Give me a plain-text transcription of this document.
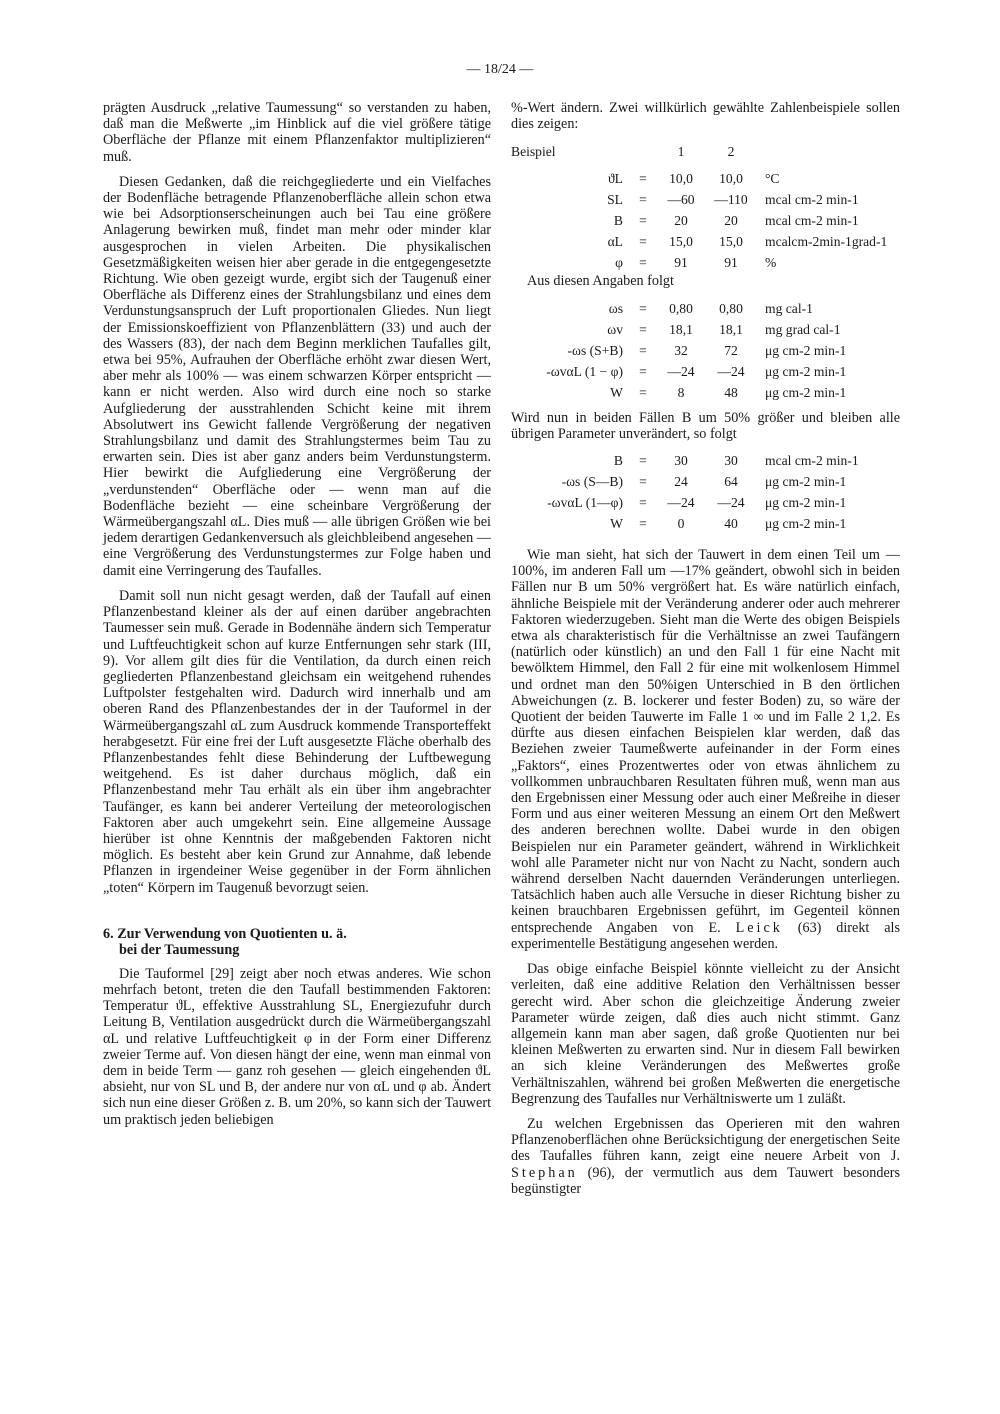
— 18/24 —

prägten Ausdruck „relative Taumessung“ so verstanden zu haben, daß man die Meßwerte „im Hinblick auf die viel größere tätige Oberfläche der Pflanze mit einem Pflanzenfaktor multiplizieren“ muß.

Diesen Gedanken, daß die reichgegliederte und ein Vielfaches der Bodenfläche betragende Pflanzenoberfläche allein schon etwa wie bei Adsorptionserscheinungen auch bei Tau eine größere Anlagerung bewirken muß, findet man mehr oder minder klar ausgesprochen in vielen Arbeiten. Die physikalischen Gesetzmäßigkeiten weisen hier aber gerade in die entgegengesetzte Richtung. Wie oben gezeigt wurde, ergibt sich der Taugenuß einer Oberfläche als Differenz eines der Strahlungsbilanz und eines dem Verdunstungsanspruch der Luft proportionalen Gliedes. Nun liegt der Emissionskoeffizient von Pflanzenblättern (33) und auch der des Wassers (83), der nach dem Beginn merklichen Taufalles gilt, etwa bei 95%, Aufrauhen der Oberfläche erhöht zwar diesen Wert, aber mehr als 100% — was einem schwarzen Körper entspricht — kann er nicht werden. Also wird durch eine noch so starke Aufgliederung der ausstrahlenden Schicht keine mit ihrem Absolutwert ins Gewicht fallende Vergrößerung der negativen Strahlungsbilanz und damit des Strahlungstermes beim Tau zu erwarten sein. Dies ist aber ganz anders beim Verdunstungsterm. Hier bewirkt die Aufgliederung eine Vergrößerung der „verdunstenden“ Oberfläche oder — wenn man auf die Bodenfläche bezieht — eine scheinbare Vergrößerung der Wärmeübergangszahl αL. Dies muß — alle übrigen Größen wie bei jedem derartigen Gedankenversuch als gleichbleibend angesehen — eine Vergrößerung des Verdunstungstermes zur Folge haben und damit eine Verringerung des Taufalles.

Damit soll nun nicht gesagt werden, daß der Taufall auf einen Pflanzenbestand kleiner als der auf einen darüber angebrachten Taumesser sein muß. Gerade in Bodennähe ändern sich Temperatur und Luftfeuchtigkeit schon auf kurze Entfernungen sehr stark (III, 9). Vor allem gilt dies für die Ventilation, da durch einen reich gegliederten Pflanzenbestand gleichsam ein weitgehend ruhendes Luftpolster festgehalten wird. Dadurch wird innerhalb und am oberen Rand des Pflanzenbestandes der in der Tauformel in der Wärmeübergangszahl αL zum Ausdruck kommende Transporteffekt herabgesetzt. Für eine frei der Luft ausgesetzte Fläche oberhalb des Pflanzenbestandes fehlt diese Behinderung der Luftbewegung weitgehend. Es ist daher durchaus möglich, daß ein Pflanzenbestand mehr Tau erhält als ein über ihm angebrachter Taufänger, es kann bei anderer Verteilung der meteorologischen Faktoren aber auch umgekehrt sein. Eine allgemeine Aussage hierüber ist ohne Kenntnis der maßgebenden Faktoren nicht möglich. Es besteht aber kein Grund zur Annahme, daß lebende Pflanzen in irgendeiner Weise gegenüber in der Form ähnlichen „toten“ Körpern im Taugenuß bevorzugt seien.

6. Zur Verwendung von Quotienten u. ä.
bei der Taumessung

Die Tauformel [29] zeigt aber noch etwas anderes. Wie schon mehrfach betont, treten die den Taufall bestimmenden Faktoren: Temperatur ϑL, effektive Ausstrahlung SL, Energiezufuhr durch Leitung B, Ventilation ausgedrückt durch die Wärmeübergangszahl αL und relative Luftfeuchtigkeit φ in der Form einer Differenz zweier Terme auf. Von diesen hängt der eine, wenn man einmal von dem in beide Term — ganz roh gesehen — gleich eingehenden ϑL absieht, nur von SL und B, der andere nur von αL und φ ab. Ändert sich nun eine dieser Größen z. B. um 20%, so kann sich der Tauwert um praktisch jeden beliebigen

%-Wert ändern. Zwei willkürlich gewählte Zahlenbeispiele sollen dies zeigen:

Beispiel		1	2	
ϑL	=	10,0	10,0	°C
SL	=	—60	—110	mcal cm-2 min-1
B	=	20	20	mcal cm-2 min-1
αL	=	15,0	15,0	mcalcm-2min-1grad-1
φ	=	91	91	%

Aus diesen Angaben folgt

ωs	=	0,80	0,80	mg cal-1
ωv	=	18,1	18,1	mg grad cal-1
-ωs (S+B)	=	32	72	μg cm-2 min-1
-ωvαL (1 − φ)	=	—24	—24	μg cm-2 min-1
W	=	8	48	μg cm-2 min-1

Wird nun in beiden Fällen B um 50% größer und bleiben alle übrigen Parameter unverändert, so folgt

B	=	30	30	mcal cm-2 min-1
-ωs (S—B)	=	24	64	μg cm-2 min-1
-ωvαL (1—φ)	=	—24	—24	μg cm-2 min-1
W	=	0	40	μg cm-2 min-1

Wie man sieht, hat sich der Tauwert in dem einen Teil um —100%, im anderen Fall um —17% geändert, obwohl sich in beiden Fällen nur B um 50% vergrößert hat. Es wäre natürlich einfach, ähnliche Beispiele mit der Veränderung anderer oder auch mehrerer Faktoren wiederzugeben. Sieht man die Werte des obigen Beispiels etwa als charakteristisch für die Verhältnisse an zwei Taufängern (natürlich oder künstlich) an und den Fall 1 für eine Nacht mit bewölktem Himmel, den Fall 2 für eine mit wolkenlosem Himmel und ordnet man den 50%igen Unterschied in B den örtlichen Abweichungen (z. B. lockerer und fester Boden) zu, so wäre der Quotient der beiden Tauwerte im Falle 1 ∞ und im Falle 2 1,2. Es dürfte aus diesen einfachen Beispielen klar werden, daß das Beziehen zweier Taumeßwerte aufeinander in der Form eines „Faktors“, eines Prozentwertes oder von etwas ähnlichem zu vollkommen unbrauchbaren Resultaten führen muß, wenn man aus den Ergebnissen einer Messung oder auch einer Meßreihe in dieser Form und aus einer weiteren Messung an einem Ort den Meßwert des anderen berechnen wollte. Dabei wurde in den obigen Beispielen nur ein Parameter geändert, während in Wirklichkeit wohl alle Parameter nicht nur von Nacht zu Nacht, sondern auch während derselben Nacht dauernden Veränderungen unterliegen. Tatsächlich haben auch alle Versuche in dieser Richtung bisher zu keinen brauchbaren Ergebnissen geführt, im Gegenteil können entsprechende Angaben von E. Leick (63) direkt als experimentelle Bestätigung angesehen werden.

Das obige einfache Beispiel könnte vielleicht zu der Ansicht verleiten, daß eine additive Relation den Verhältnissen besser gerecht wird. Aber schon die gleichzeitige Änderung zweier Parameter würde zeigen, daß dies auch nicht stimmt. Ganz allgemein kann man aber sagen, daß große Quotienten nur bei kleinen Meßwerten zu erwarten sind. Nur in diesem Fall bewirken an sich kleine Veränderungen des Meßwertes große Verhältniszahlen, während bei großen Meßwerten die energetische Begrenzung des Taufalles nur Verhältniswerte um 1 zuläßt.

Zu welchen Ergebnissen das Operieren mit den wahren Pflanzenoberflächen ohne Berücksichtigung der energetischen Seite des Taufalles führen kann, zeigt eine neuere Arbeit von J. Stephan (96), der vermutlich aus dem Tauwert besonders begünstigter
